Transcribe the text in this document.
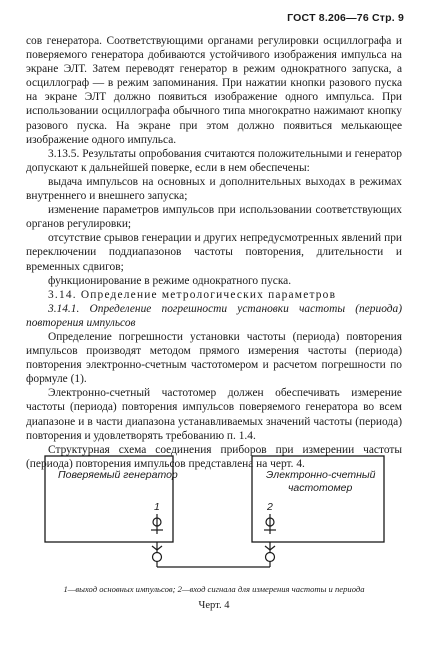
ГОСТ 8.206—76 Стр. 9

сов генератора. Соответствующими органами регулировки осциллографа и поверяемого генератора добиваются устойчивого изображения импульса на экране ЭЛТ. Затем переводят генератор в режим однократного запуска, а осциллограф — в режим запоминания. При нажатии кнопки разового пуска на экране ЭЛТ должно появиться изображение одного импульса. При использовании осциллографа обычного типа многократно нажимают кнопку разового пуска. На экране при этом должно появиться мелькающее изображение одного импульса.

3.13.5. Результаты опробования считаются положительными и генератор допускают к дальнейшей поверке, если в нем обеспечены:

выдача импульсов на основных и дополнительных выходах в режимах внутреннего и внешнего запуска;

изменение параметров импульсов при использовании соответствующих органов регулировки;

отсутствие срывов генерации и других непредусмотренных явлений при переключении поддиапазонов частоты повторения, длительности и временных сдвигов;

функционирование в режиме однократного пуска.

3.14. Определение метрологических параметров

3.14.1. Определение погрешности установки частоты (периода) повторения импульсов

Определение погрешности установки частоты (периода) повторения импульсов производят методом прямого измерения частоты (периода) повторения электронно-счетным частотомером и расчетом погрешности по формуле (1).

Электронно-счетный частотомер должен обеспечивать измерение частоты (периода) повторения импульсов поверяемого генератора во всем диапазоне и в части диапазона устанавливаемых значений частоты (периода) повторения и удовлетворять требованию п. 1.4.

Структурная схема соединения приборов при измерении частоты (периода) повторения импульсов представлена на черт. 4.

Поверяемый генератор	Электронно-счетный
частотомер
1	2
1—выход основных импульсов; 2—вход сигнала для измерения частоты и периода
Черт. 4
